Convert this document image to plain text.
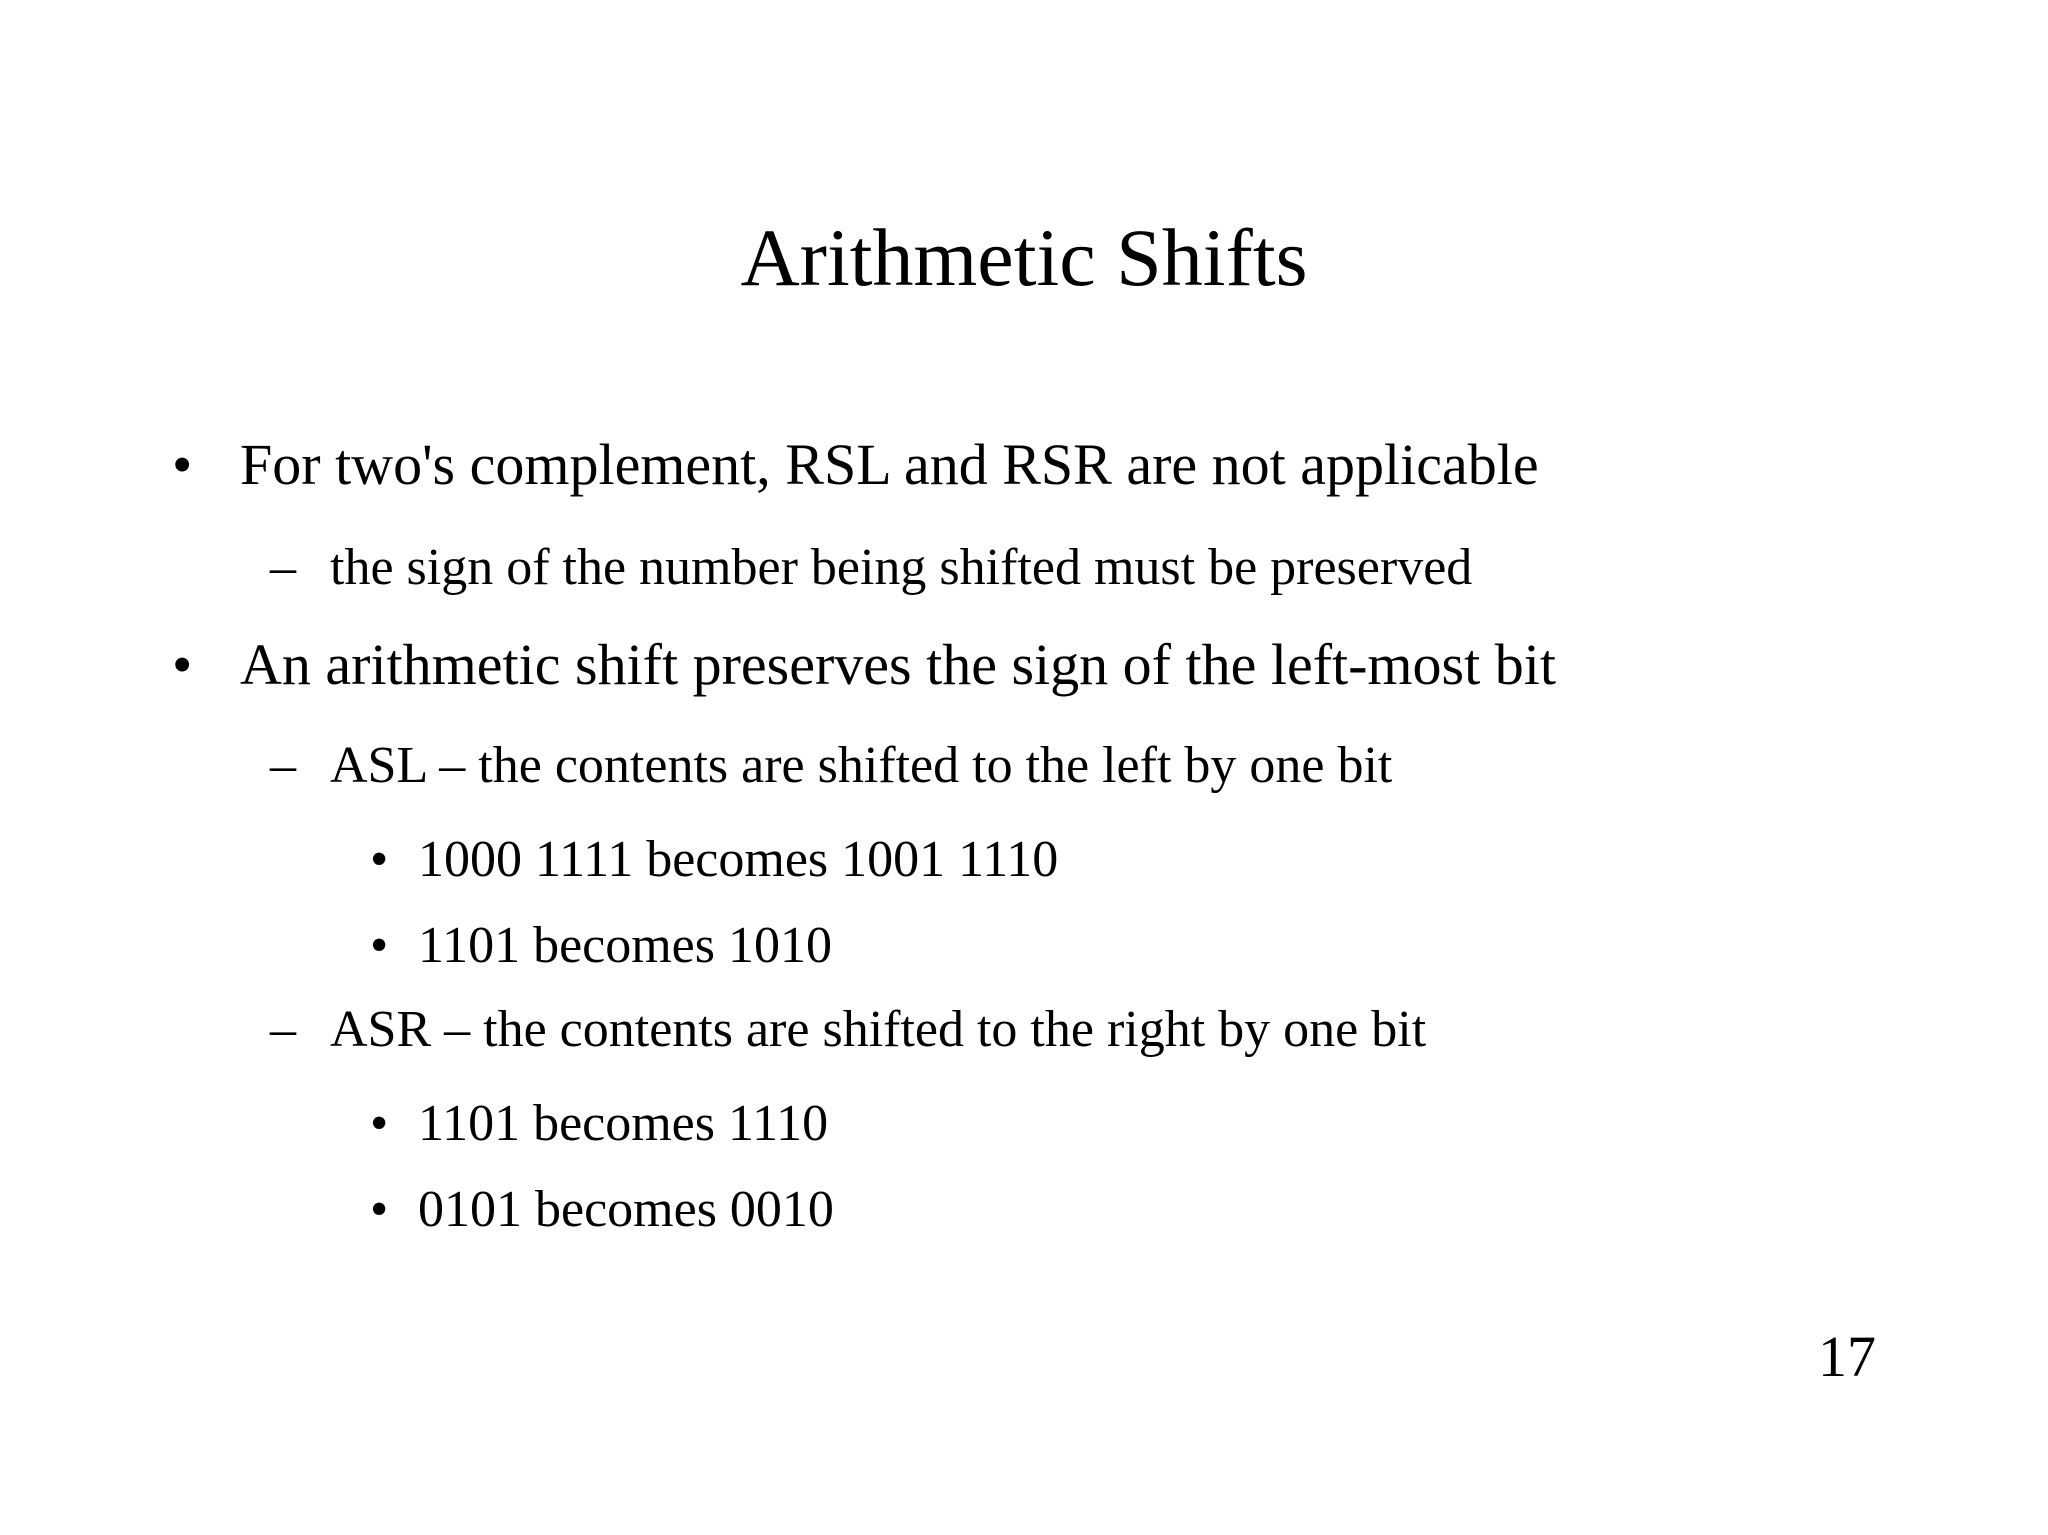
Arithmetic Shifts
• For two's complement, RSL and RSR are not applicable
– the sign of the number being shifted must be preserved
• An arithmetic shift preserves the sign of the left-most bit
– ASL – the contents are shifted to the left by one bit
• 1000 1111 becomes 1001 1110
• 1101 becomes 1010
– ASR – the contents are shifted to the right by one bit
• 1101 becomes 1110
• 0101 becomes 0010
17
